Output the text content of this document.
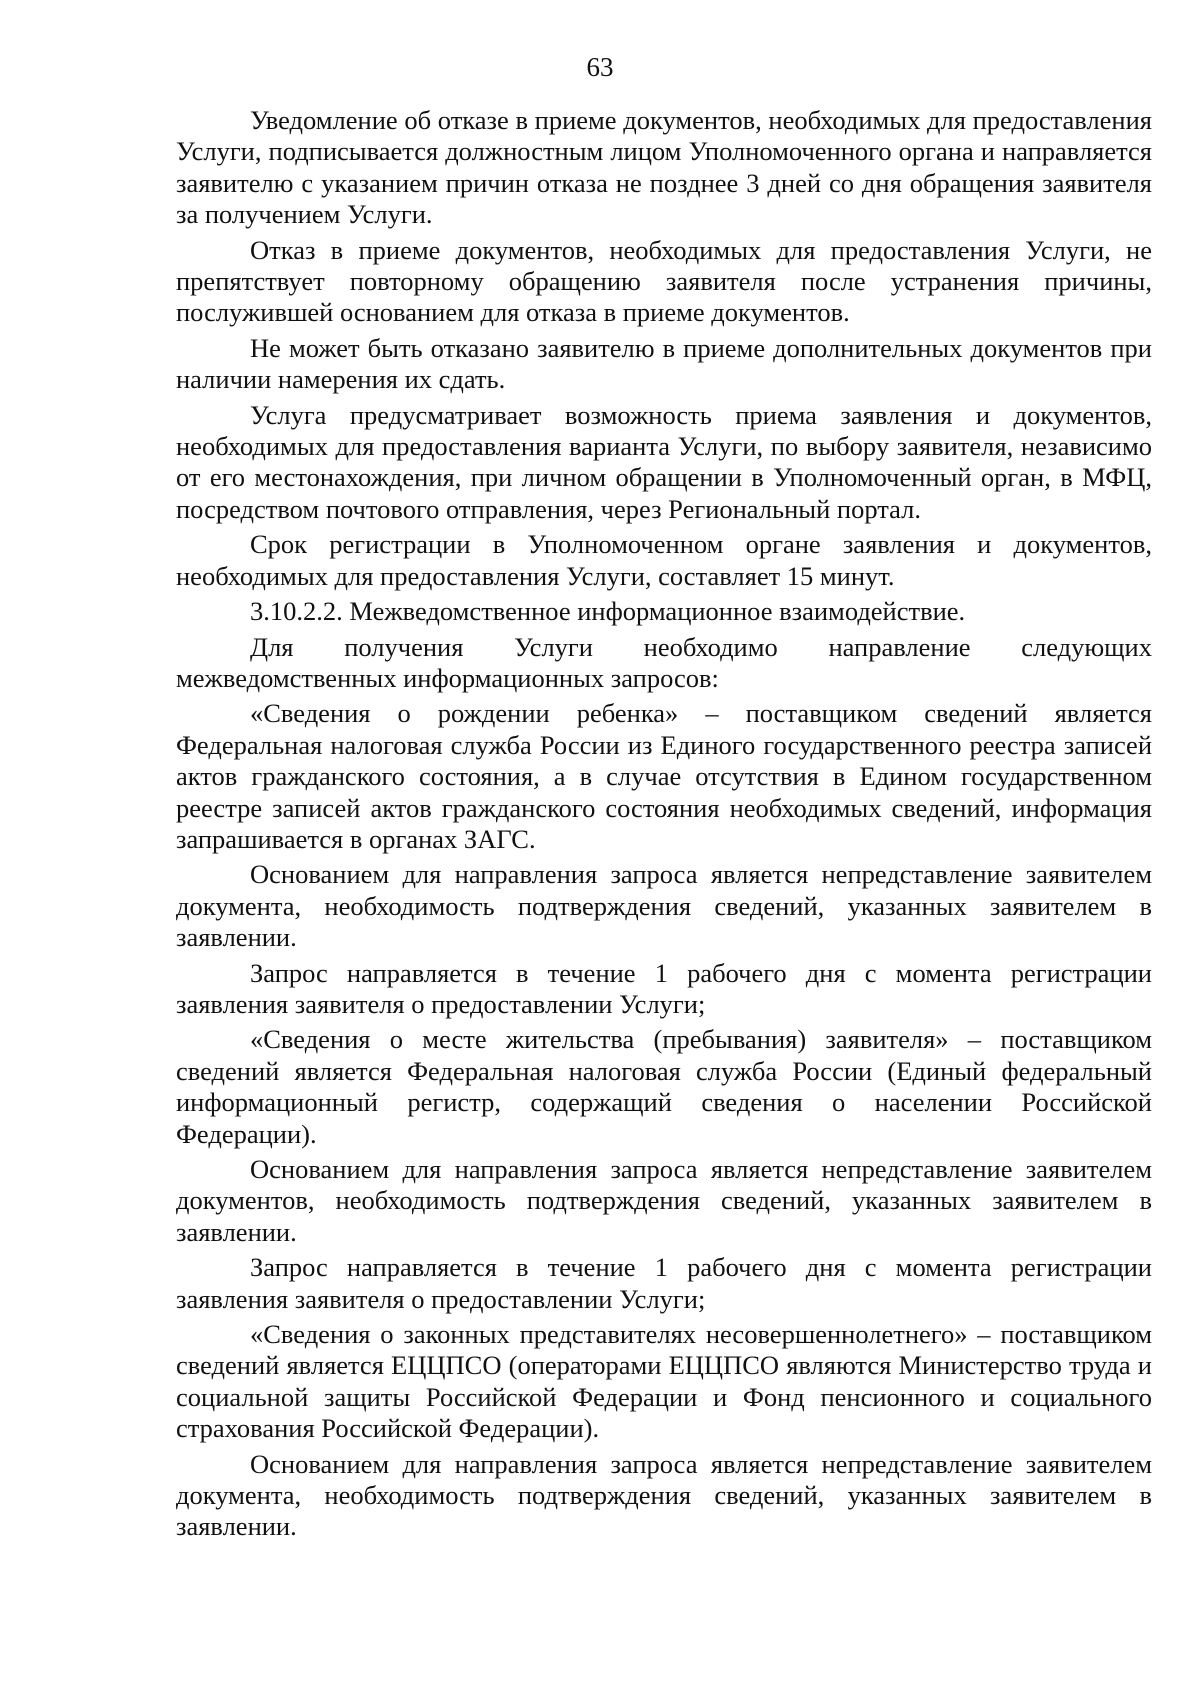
63

Уведомление об отказе в приеме документов, необходимых для предоставления Услуги, подписывается должностным лицом Уполномоченного органа и направляется заявителю с указанием причин отказа не позднее 3 дней со дня обращения заявителя за получением Услуги.

Отказ в приеме документов, необходимых для предоставления Услуги, не препятствует повторному обращению заявителя после устранения причины, послужившей основанием для отказа в приеме документов.

Не может быть отказано заявителю в приеме дополнительных документов при наличии намерения их сдать.

Услуга предусматривает возможность приема заявления и документов, необходимых для предоставления варианта Услуги, по выбору заявителя, независимо от его местонахождения, при личном обращении в Уполномоченный орган, в МФЦ, посредством почтового отправления, через Региональный портал.

Срок регистрации в Уполномоченном органе заявления и документов, необходимых для предоставления Услуги, составляет 15 минут.

3.10.2.2. Межведомственное информационное взаимодействие.

Для получения Услуги необходимо направление следующих межведомственных информационных запросов:

«Сведения о рождении ребенка» – поставщиком сведений является Федеральная налоговая служба России из Единого государственного реестра записей актов гражданского состояния, а в случае отсутствия в Едином государственном реестре записей актов гражданского состояния необходимых сведений, информация запрашивается в органах ЗАГС.

Основанием для направления запроса является непредставление заявителем документа, необходимость подтверждения сведений, указанных заявителем в заявлении.

Запрос направляется в течение 1 рабочего дня с момента регистрации заявления заявителя о предоставлении Услуги;

«Сведения о месте жительства (пребывания) заявителя» – поставщиком сведений является Федеральная налоговая служба России (Единый федеральный информационный регистр, содержащий сведения о населении Российской Федерации).

Основанием для направления запроса является непредставление заявителем документов, необходимость подтверждения сведений, указанных заявителем в заявлении.

Запрос направляется в течение 1 рабочего дня с момента регистрации заявления заявителя о предоставлении Услуги;

«Сведения о законных представителях несовершеннолетнего» – поставщиком сведений является ЕЦЦПСО (операторами ЕЦЦПСО являются Министерство труда и социальной защиты Российской Федерации и Фонд пенсионного и социального страхования Российской Федерации).

Основанием для направления запроса является непредставление заявителем документа, необходимость подтверждения сведений, указанных заявителем в заявлении.
